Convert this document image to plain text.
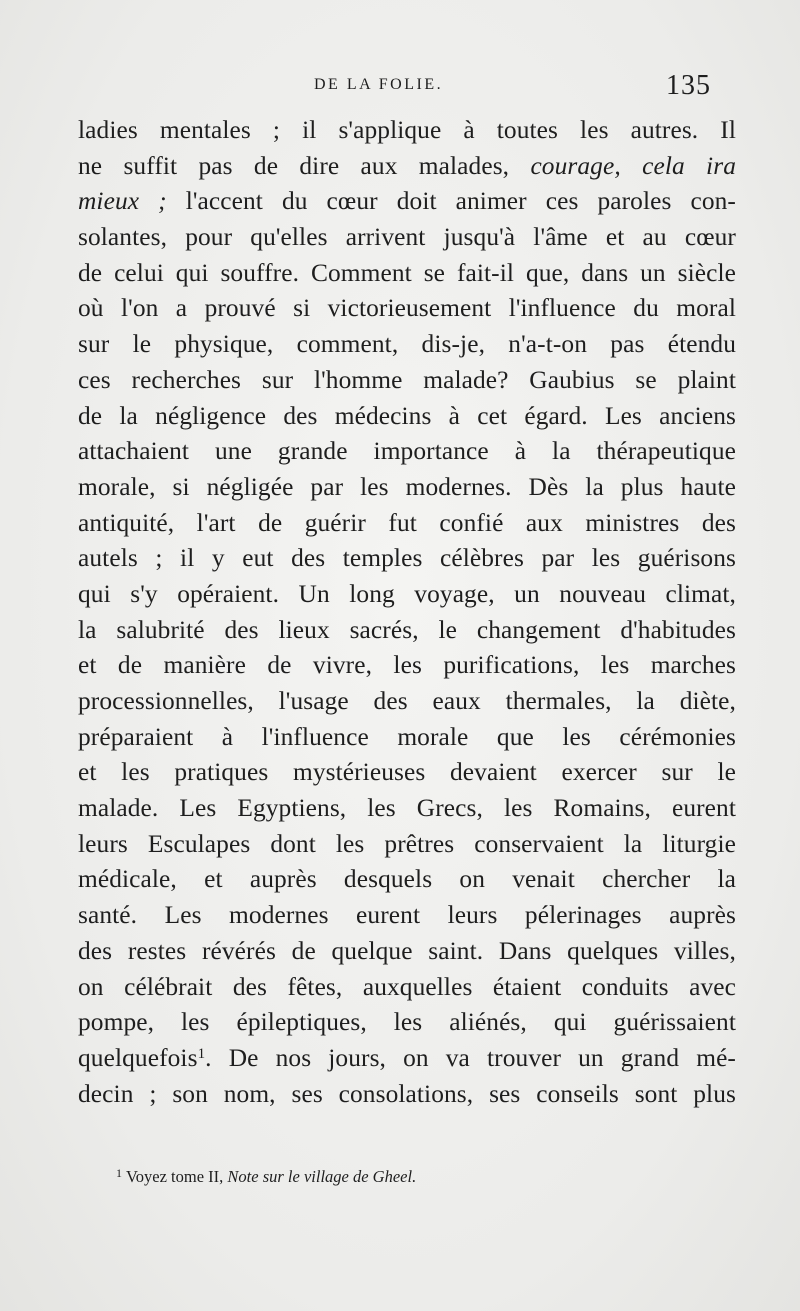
DE LA FOLIE.	135
ladies mentales ; il s'applique à toutes les autres. Il
ne suffit pas de dire aux malades, courage, cela ira
mieux ; l'accent du cœur doit animer ces paroles con-
solantes, pour qu'elles arrivent jusqu'à l'âme et au cœur
de celui qui souffre. Comment se fait-il que, dans un siècle
où l'on a prouvé si victorieusement l'influence du moral
sur le physique, comment, dis-je, n'a-t-on pas étendu
ces recherches sur l'homme malade? Gaubius se plaint
de la négligence des médecins à cet égard. Les anciens
attachaient une grande importance à la thérapeutique
morale, si négligée par les modernes. Dès la plus haute
antiquité, l'art de guérir fut confié aux ministres des
autels ; il y eut des temples célèbres par les guérisons
qui s'y opéraient. Un long voyage, un nouveau climat,
la salubrité des lieux sacrés, le changement d'habitudes
et de manière de vivre, les purifications, les marches
processionnelles, l'usage des eaux thermales, la diète,
préparaient à l'influence morale que les cérémonies
et les pratiques mystérieuses devaient exercer sur le
malade. Les Egyptiens, les Grecs, les Romains, eurent
leurs Esculapes dont les prêtres conservaient la liturgie
médicale, et auprès desquels on venait chercher la
santé. Les modernes eurent leurs pélerinages auprès
des restes révérés de quelque saint. Dans quelques villes,
on célébrait des fêtes, auxquelles étaient conduits avec
pompe, les épileptiques, les aliénés, qui guérissaient
quelquefois$^1$. De nos jours, on va trouver un grand mé-
decin ; son nom, ses consolations, ses conseils sont plus
$^1$ Voyez tome II, Note sur le village de Gheel.
